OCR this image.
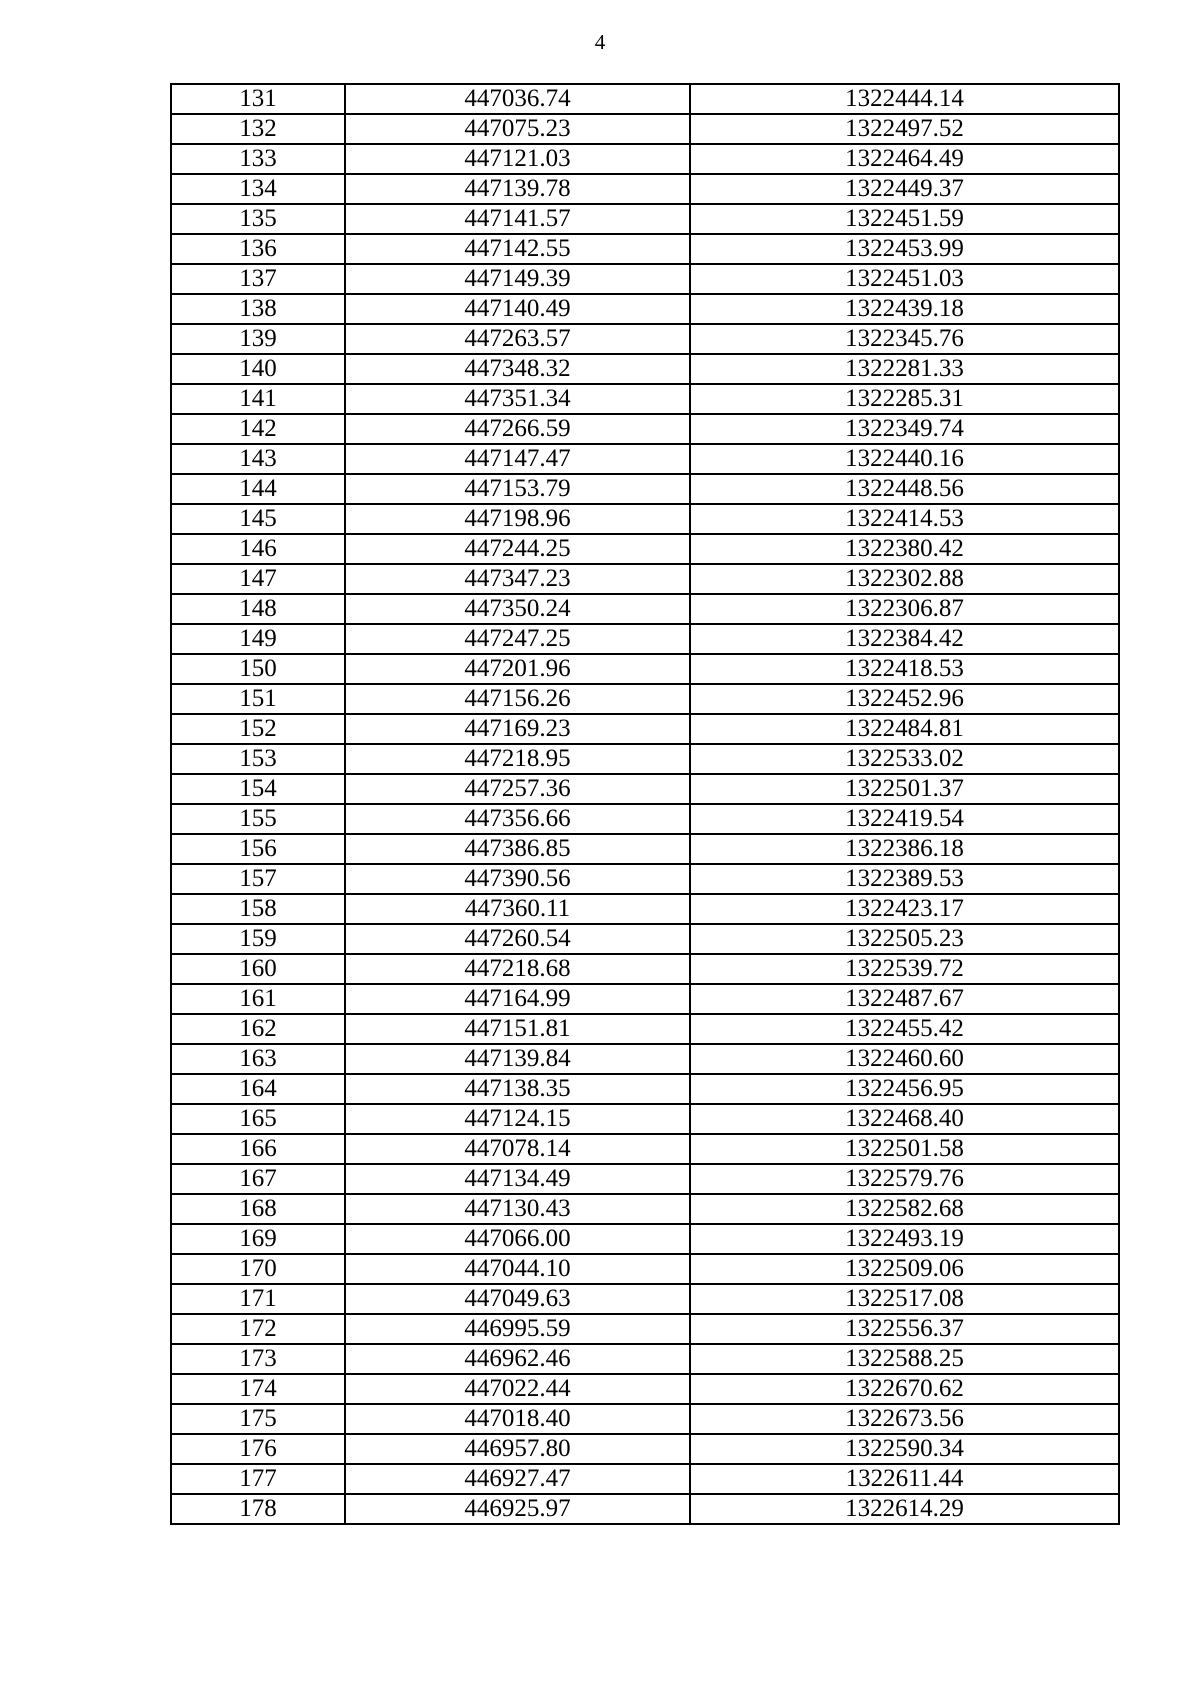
4
131	447036.74	1322444.14
132	447075.23	1322497.52
133	447121.03	1322464.49
134	447139.78	1322449.37
135	447141.57	1322451.59
136	447142.55	1322453.99
137	447149.39	1322451.03
138	447140.49	1322439.18
139	447263.57	1322345.76
140	447348.32	1322281.33
141	447351.34	1322285.31
142	447266.59	1322349.74
143	447147.47	1322440.16
144	447153.79	1322448.56
145	447198.96	1322414.53
146	447244.25	1322380.42
147	447347.23	1322302.88
148	447350.24	1322306.87
149	447247.25	1322384.42
150	447201.96	1322418.53
151	447156.26	1322452.96
152	447169.23	1322484.81
153	447218.95	1322533.02
154	447257.36	1322501.37
155	447356.66	1322419.54
156	447386.85	1322386.18
157	447390.56	1322389.53
158	447360.11	1322423.17
159	447260.54	1322505.23
160	447218.68	1322539.72
161	447164.99	1322487.67
162	447151.81	1322455.42
163	447139.84	1322460.60
164	447138.35	1322456.95
165	447124.15	1322468.40
166	447078.14	1322501.58
167	447134.49	1322579.76
168	447130.43	1322582.68
169	447066.00	1322493.19
170	447044.10	1322509.06
171	447049.63	1322517.08
172	446995.59	1322556.37
173	446962.46	1322588.25
174	447022.44	1322670.62
175	447018.40	1322673.56
176	446957.80	1322590.34
177	446927.47	1322611.44
178	446925.97	1322614.29
